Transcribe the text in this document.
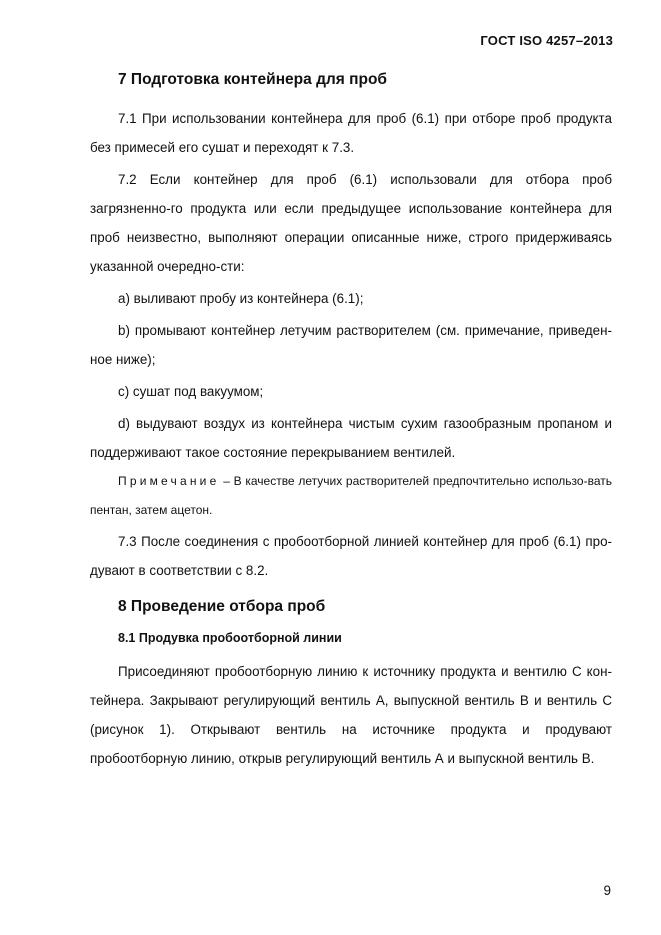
ГОСТ ISO 4257–2013
7 Подготовка контейнера для проб

7.1 При использовании контейнера для проб (6.1) при отборе проб продукта без примесей его сушат и переходят к 7.3.

7.2 Если контейнер для проб (6.1) использовали для отбора проб загрязненно-го продукта или если предыдущее использование контейнера для проб неизвестно, выполняют операции описанные ниже, строго придерживаясь указанной очередно-сти:

а) выливают пробу из контейнера (6.1);

b) промывают контейнер летучим растворителем (см. примечание, приведен-ное ниже);

с) сушат под вакуумом;

d) выдувают воздух из контейнера чистым сухим газообразным пропаном и поддерживают такое состояние перекрыванием вентилей.

Примечание – В качестве летучих растворителей предпочтительно использо-вать пентан, затем ацетон.

7.3 После соединения с пробоотборной линией контейнер для проб (6.1) про-дувают в соответствии с 8.2.

8 Проведение отбора проб
8.1 Продувка пробоотборной линии

Присоединяют пробоотборную линию к источнику продукта и вентилю С кон-тейнера. Закрывают регулирующий вентиль А, выпускной вентиль В и вентиль С (рисунок 1). Открывают вентиль на источнике продукта и продувают пробоотборную линию, открыв регулирующий вентиль А и выпускной вентиль В.

9
